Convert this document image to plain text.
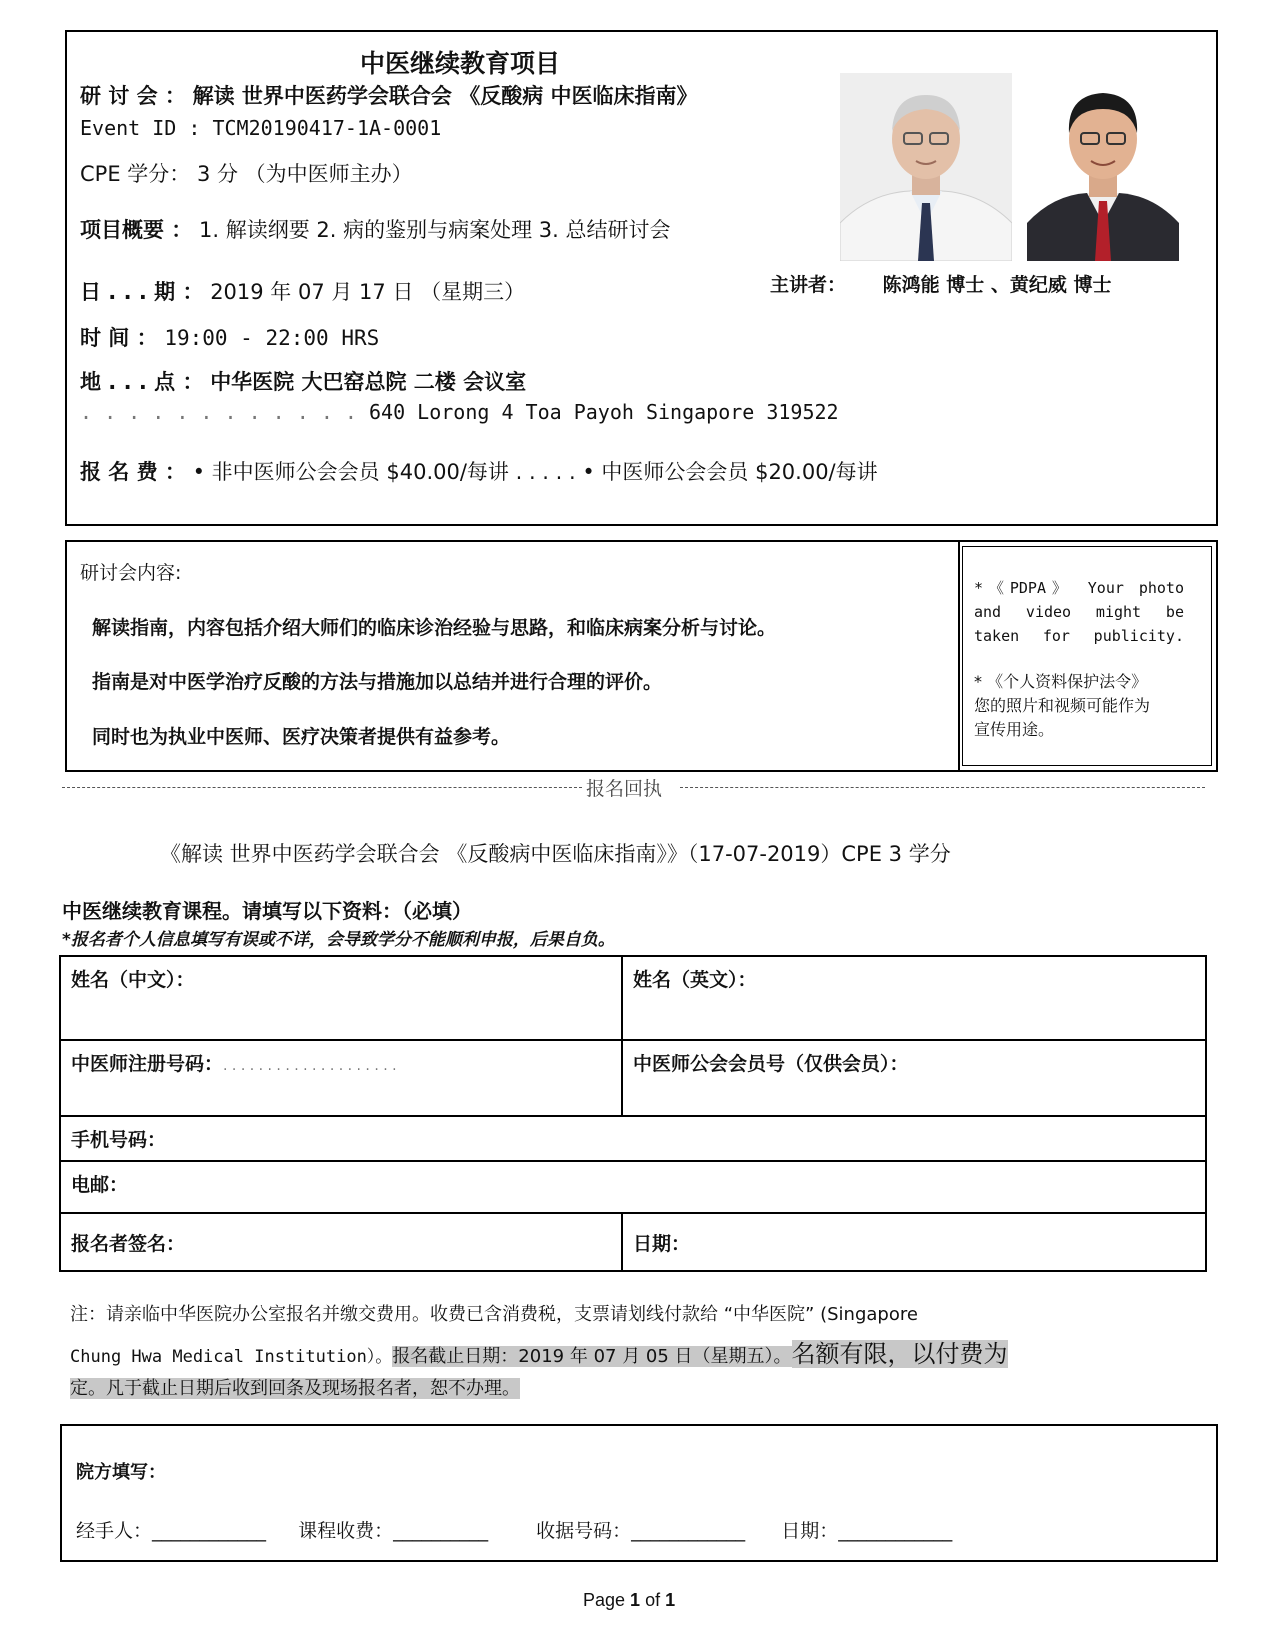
中医继续教育项目
研 讨 会 ： 解读 世界中医药学会联合会 《反酸病 中医临床指南》
Event ID : TCM20190417-1A-0001
CPE 学分： 3 分 （为中医师主办）
项目概要 ： 1. 解读纲要 2. 病的鉴别与病案处理 3. 总结研讨会
日 . . . 期 ： 2019 年 07 月 17 日 （星期三）
时 间 ： 19:00 - 22:00 HRS
地 . . . 点 ： 中华医院 大巴窑总院 二楼 会议室
. . . . . . . . . . . . 640 Lorong 4 Toa Payoh Singapore 319522
报 名 费 ： • 非中医师公会会员 $40.00/每讲 . . . . . • 中医师公会会员 $20.00/每讲
主讲者： 陈鸿能 博士 、黄纪威 博士
研讨会内容:
解读指南，内容包括介绍大师们的临床诊治经验与思路，和临床病案分析与讨论。
指南是对中医学治疗反酸的方法与措施加以总结并进行合理的评价。
同时也为执业中医师、医疗决策者提供有益参考。
*《PDPA》 Your photo
and video might be
taken for publicity.
* 《个人资料保护法令》
您的照片和视频可能作为
宣传用途。
报名回执
《解读 世界中医药学会联合会 《反酸病中医临床指南》》（17-07-2019）CPE 3 学分
中医继续教育课程。请填写以下资料：（必填）
*报名者个人信息填写有误或不详，会导致学分不能顺利申报，后果自负。
姓名（中文）：	姓名（英文）：
中医师注册号码：. . . . . . . . . . . . . . . . . . . .	中医师公会会员号（仅供会员）：
手机号码：	
电邮：	
报名者签名：	日期：
注：请亲临中华医院办公室报名并缴交费用。收费已含消费税，支票请划线付款给 “中华医院” (Singapore
Chung Hwa Medical Institution）。报名截止日期：2019 年 07 月 05 日（星期五）。名额有限，以付费为
定。凡于截止日期后收到回条及现场报名者，恕不办理。
院方填写：
经手人：____________ 课程收费：__________	收据号码：____________ 日期：____________
Page 1 of 1
